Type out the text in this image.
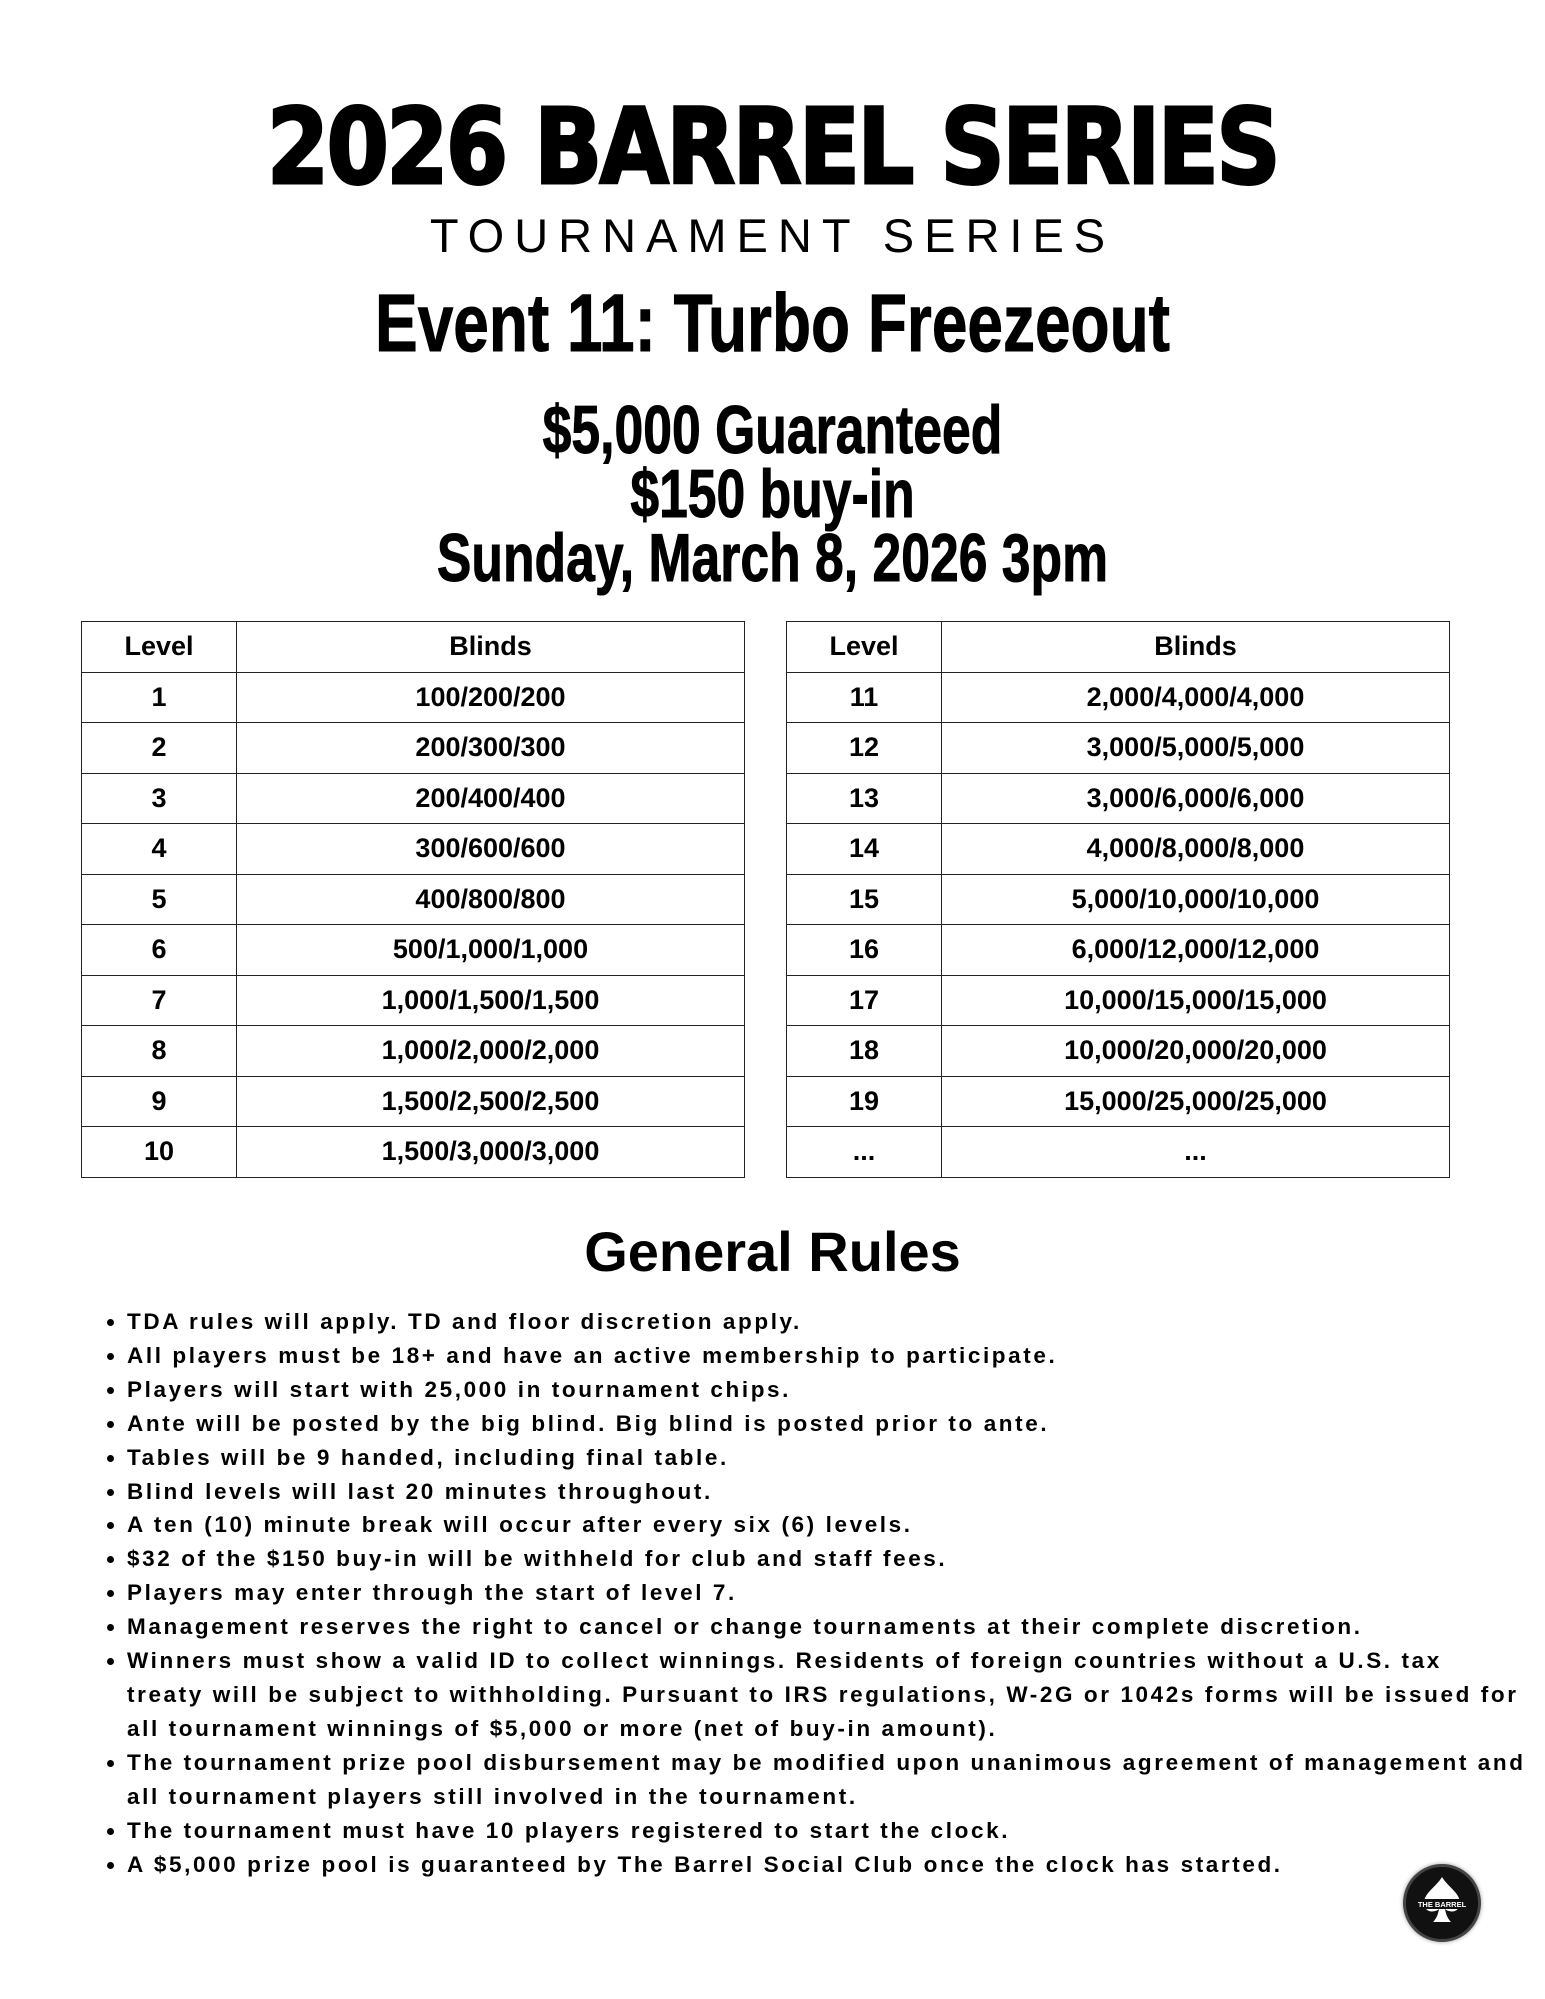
2026 BARREL SERIES
TOURNAMENT SERIES
Event 11: Turbo Freezeout
$5,000 Guaranteed
$150 buy-in
Sunday, March 8, 2026 3pm
Level	Blinds
1	100/200/200
2	200/300/300
3	200/400/400
4	300/600/600
5	400/800/800
6	500/1,000/1,000
7	1,000/1,500/1,500
8	1,000/2,000/2,000
9	1,500/2,500/2,500
10	1,500/3,000/3,000
Level	Blinds
11	2,000/4,000/4,000
12	3,000/5,000/5,000
13	3,000/6,000/6,000
14	4,000/8,000/8,000
15	5,000/10,000/10,000
16	6,000/12,000/12,000
17	10,000/15,000/15,000
18	10,000/20,000/20,000
19	15,000/25,000/25,000
...	...
General Rules
• TDA rules will apply. TD and floor discretion apply.
• All players must be 18+ and have an active membership to participate.
• Players will start with 25,000 in tournament chips.
• Ante will be posted by the big blind. Big blind is posted prior to ante.
• Tables will be 9 handed, including final table.
• Blind levels will last 20 minutes throughout.
• A ten (10) minute break will occur after every six (6) levels.
• $32 of the $150 buy-in will be withheld for club and staff fees.
• Players may enter through the start of level 7.
• Management reserves the right to cancel or change tournaments at their complete discretion.
• Winners must show a valid ID to collect winnings. Residents of foreign countries without a U.S. tax treaty will be subject to withholding. Pursuant to IRS regulations, W-2G or 1042s forms will be issued for all tournament winnings of $5,000 or more (net of buy-in amount).
• The tournament prize pool disbursement may be modified upon unanimous agreement of management and all tournament players still involved in the tournament.
• The tournament must have 10 players registered to start the clock.
• A $5,000 prize pool is guaranteed by The Barrel Social Club once the clock has started.
THE BARREL
